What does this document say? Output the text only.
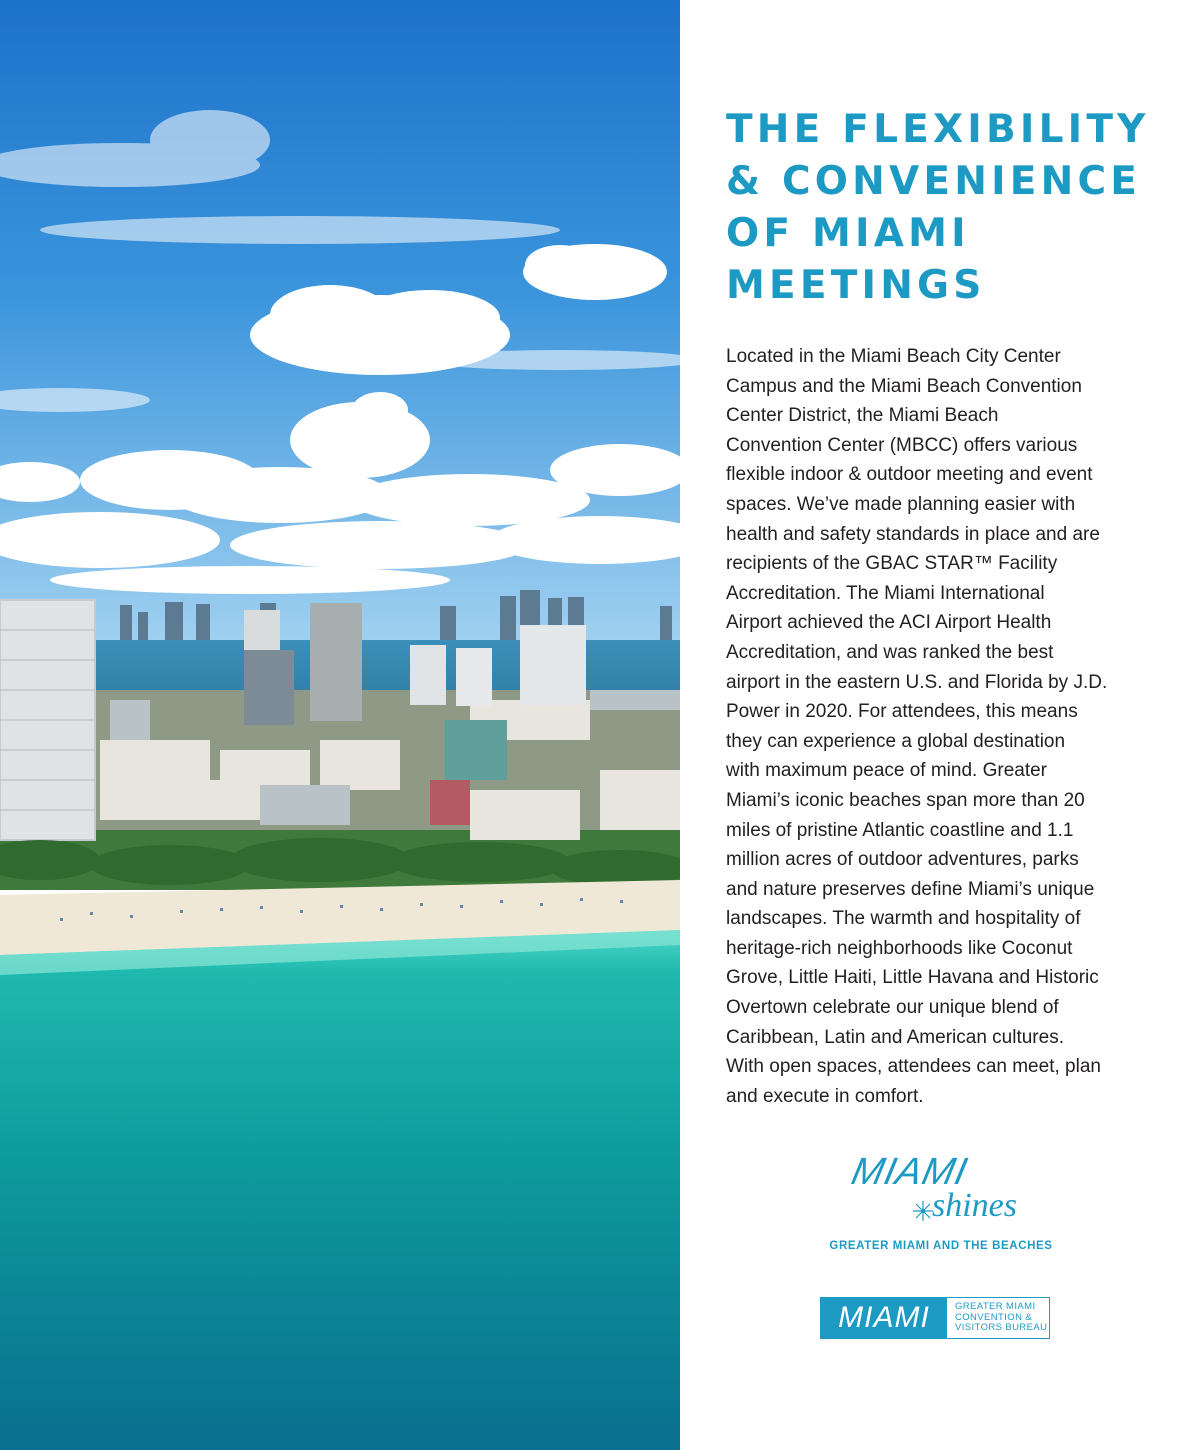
THE FLEXIBILITY
& CONVENIENCE
OF MIAMI
MEETINGS

Located in the Miami Beach City Center
Campus and the Miami Beach Convention
Center District, the Miami Beach
Convention Center (MBCC) offers various
flexible indoor & outdoor meeting and event
spaces. We’ve made planning easier with
health and safety standards in place and are
recipients of the GBAC STAR™ Facility
Accreditation. The Miami International
Airport achieved the ACI Airport Health
Accreditation, and was ranked the best
airport in the eastern U.S. and Florida by J.D.
Power in 2020. For attendees, this means
they can experience a global destination
with maximum peace of mind. Greater
Miami’s iconic beaches span more than 20
miles of pristine Atlantic coastline and 1.1
million acres of outdoor adventures, parks
and nature preserves define Miami’s unique
landscapes. The warmth and hospitality of
heritage-rich neighborhoods like Coconut
Grove, Little Haiti, Little Havana and Historic
Overtown celebrate our unique blend of
Caribbean, Latin and American cultures.
With open spaces, attendees can meet, plan
and execute in comfort.

MIAMI
shines
GREATER MIAMI AND THE BEACHES
MIAMI	GREATER MIAMI
CONVENTION &
VISITORS BUREAU
